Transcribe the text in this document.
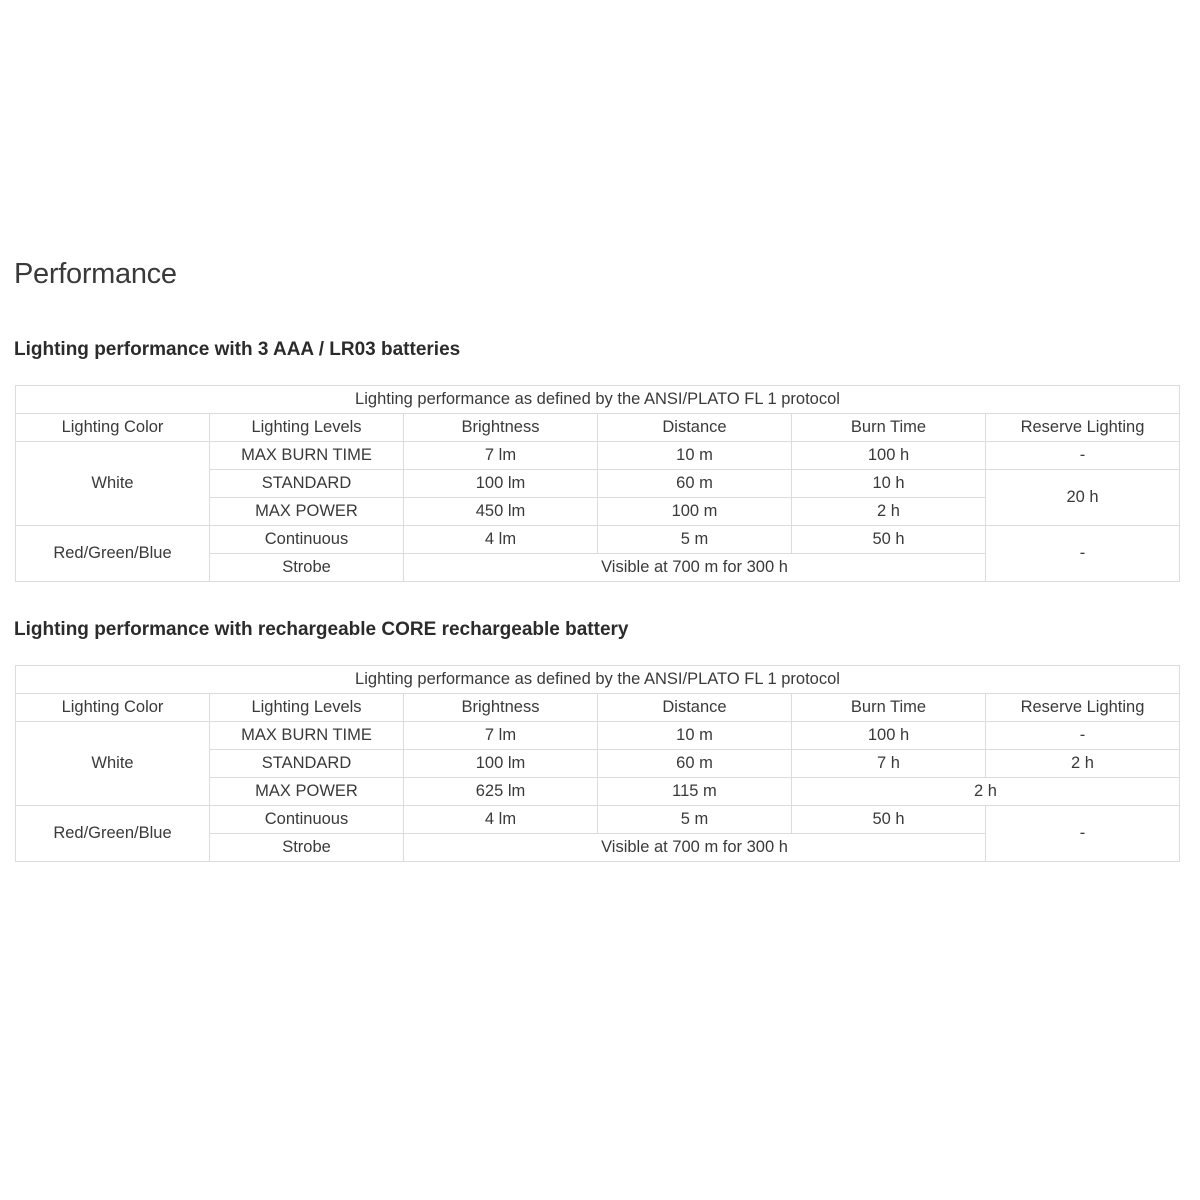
Performance
Lighting performance with 3 AAA / LR03 batteries
Lighting performance as defined by the ANSI/PLATO FL 1 protocol					
Lighting Color	Lighting Levels	Brightness	Distance	Burn Time	Reserve Lighting
White	MAX BURN TIME	7 lm	10 m	100 h	-
	STANDARD	100 lm	60 m	10 h	20 h
	MAX POWER	450 lm	100 m	2 h	
Red/Green/Blue	Continuous	4 lm	5 m	50 h	-
	Strobe	Visible at 700 m for 300 h			
Lighting performance with rechargeable CORE rechargeable battery
Lighting performance as defined by the ANSI/PLATO FL 1 protocol					
Lighting Color	Lighting Levels	Brightness	Distance	Burn Time	Reserve Lighting
White	MAX BURN TIME	7 lm	10 m	100 h	-
	STANDARD	100 lm	60 m	7 h	2 h
	MAX POWER	625 lm	115 m	2 h	
Red/Green/Blue	Continuous	4 lm	5 m	50 h	-
	Strobe	Visible at 700 m for 300 h			
